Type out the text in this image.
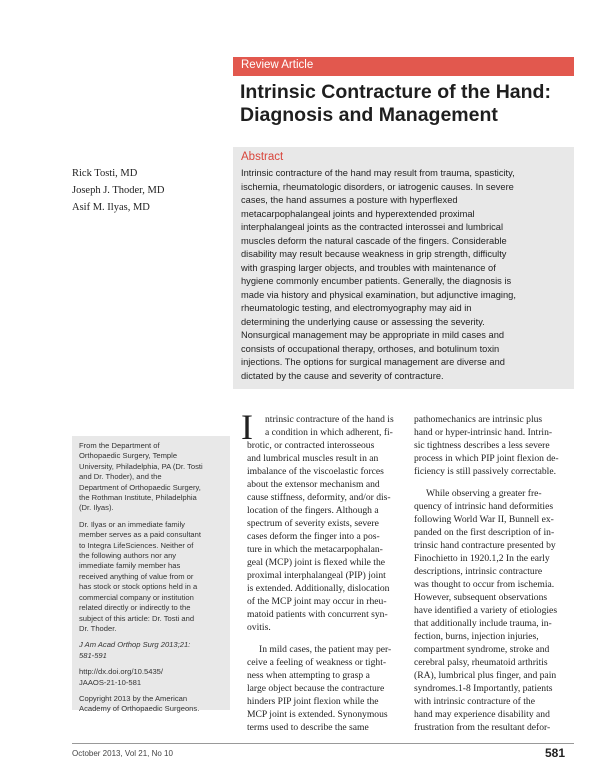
Review Article
Intrinsic Contracture of the Hand:
Diagnosis and Management
Rick Tosti, MD
Joseph J. Thoder, MD
Asif M. Ilyas, MD
Abstract
Intrinsic contracture of the hand may result from trauma, spasticity,
ischemia, rheumatologic disorders, or iatrogenic causes. In severe
cases, the hand assumes a posture with hyperflexed
metacarpophalangeal joints and hyperextended proximal
interphalangeal joints as the contracted interossei and lumbrical
muscles deform the natural cascade of the fingers. Considerable
disability may result because weakness in grip strength, difficulty
with grasping larger objects, and troubles with maintenance of
hygiene commonly encumber patients. Generally, the diagnosis is
made via history and physical examination, but adjunctive imaging,
rheumatologic testing, and electromyography may aid in
determining the underlying cause or assessing the severity.
Nonsurgical management may be appropriate in mild cases and
consists of occupational therapy, orthoses, and botulinum toxin
injections. The options for surgical management are diverse and
dictated by the cause and severity of contracture.
From the Department of
Orthopaedic Surgery, Temple
University, Philadelphia, PA (Dr. Tosti
and Dr. Thoder), and the
Department of Orthopaedic Surgery,
the Rothman Institute, Philadelphia
(Dr. Ilyas).
Dr. Ilyas or an immediate family
member serves as a paid consultant
to Integra LifeSciences. Neither of
the following authors nor any
immediate family member has
received anything of value from or
has stock or stock options held in a
commercial company or institution
related directly or indirectly to the
subject of this article: Dr. Tosti and
Dr. Thoder.
J Am Acad Orthop Surg 2013;21:
581-591
http://dx.doi.org/10.5435/
JAAOS-21-10-581
Copyright 2013 by the American
Academy of Orthopaedic Surgeons.
I	ntrinsic contracture of the hand is
a condition in which adherent, fi-
brotic, or contracted interosseous
and lumbrical muscles result in an
imbalance of the viscoelastic forces
about the extensor mechanism and
cause stiffness, deformity, and/or dis-
location of the fingers. Although a
spectrum of severity exists, severe
cases deform the finger into a pos-
ture in which the metacarpophalan-
geal (MCP) joint is flexed while the
proximal interphalangeal (PIP) joint
is extended. Additionally, dislocation
of the MCP joint may occur in rheu-
matoid patients with concurrent syn-
ovitis.
In mild cases, the patient may per-
ceive a feeling of weakness or tight-
ness when attempting to grasp a
large object because the contracture
hinders PIP joint flexion while the
MCP joint is extended. Synonymous
terms used to describe the same
pathomechanics are intrinsic plus
hand or hyper-intrinsic hand. Intrin-
sic tightness describes a less severe
process in which PIP joint flexion de-
ficiency is still passively correctable.
While observing a greater fre-
quency of intrinsic hand deformities
following World War II, Bunnell ex-
panded on the first description of in-
trinsic hand contracture presented by
Finochietto in 1920.1,2 In the early
descriptions, intrinsic contracture
was thought to occur from ischemia.
However, subsequent observations
have identified a variety of etiologies
that additionally include trauma, in-
fection, burns, injection injuries,
compartment syndrome, stroke and
cerebral palsy, rheumatoid arthritis
(RA), lumbrical plus finger, and pain
syndromes.1-8 Importantly, patients
with intrinsic contracture of the
hand may experience disability and
frustration from the resultant defor-
October 2013, Vol 21, No 10	581
